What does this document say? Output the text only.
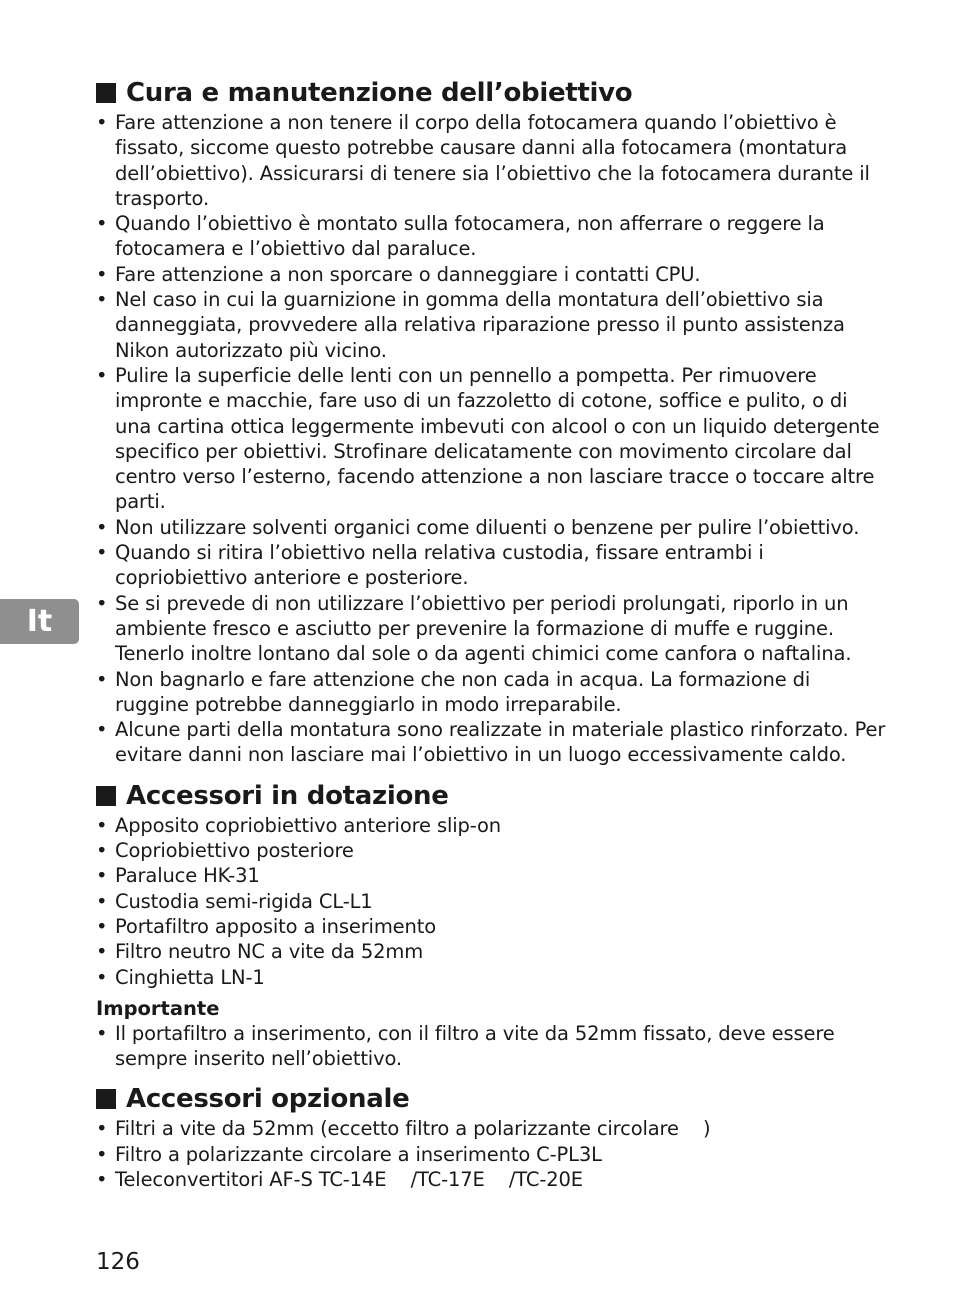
It
Cura e manutenzione dell’obiettivo
• Fare attenzione a non tenere il corpo della fotocamera quando l’obiettivo è fissato, siccome questo potrebbe causare danni alla fotocamera (montatura dell’obiettivo). Assicurarsi di tenere sia l’obiettivo che la fotocamera durante il trasporto.
• Quando l’obiettivo è montato sulla fotocamera, non afferrare o reggere la fotocamera e l’obiettivo dal paraluce.
• Fare attenzione a non sporcare o danneggiare i contatti CPU.
• Nel caso in cui la guarnizione in gomma della montatura dell’obiettivo sia danneggiata, provvedere alla relativa riparazione presso il punto assistenza Nikon autorizzato più vicino.
• Pulire la superficie delle lenti con un pennello a pompetta. Per rimuovere impronte e macchie, fare uso di un fazzoletto di cotone, soffice e pulito, o di una cartina ottica leggermente imbevuti con alcool o con un liquido detergente specifico per obiettivi. Strofinare delicatamente con movimento circolare dal centro verso l’esterno, facendo attenzione a non lasciare tracce o toccare altre parti.
• Non utilizzare solventi organici come diluenti o benzene per pulire l’obiettivo.
• Quando si ritira l’obiettivo nella relativa custodia, fissare entrambi i copriobiettivo anteriore e posteriore.
• Se si prevede di non utilizzare l’obiettivo per periodi prolungati, riporlo in un ambiente fresco e asciutto per prevenire la formazione di muffe e ruggine. Tenerlo inoltre lontano dal sole o da agenti chimici come canfora o naftalina.
• Non bagnarlo e fare attenzione che non cada in acqua. La formazione di ruggine potrebbe danneggiarlo in modo irreparabile.
• Alcune parti della montatura sono realizzate in materiale plastico rinforzato. Per evitare danni non lasciare mai l’obiettivo in un luogo eccessivamente caldo.
Accessori in dotazione
• Apposito copriobiettivo anteriore slip-on
• Copriobiettivo posteriore
• Paraluce HK-31
• Custodia semi-rigida CL-L1
• Portafiltro apposito a inserimento
• Filtro neutro NC a vite da 52mm
• Cinghietta LN-1
Importante
• Il portafiltro a inserimento, con il filtro a vite da 52mm fissato, deve essere sempre inserito nell’obiettivo.
Accessori opzionale
• Filtri a vite da 52mm (eccetto filtro a polarizzante circolare    )
• Filtro a polarizzante circolare a inserimento C-PL3L
• Teleconvertitori AF-S TC-14E    /TC-17E    /TC-20E
126
